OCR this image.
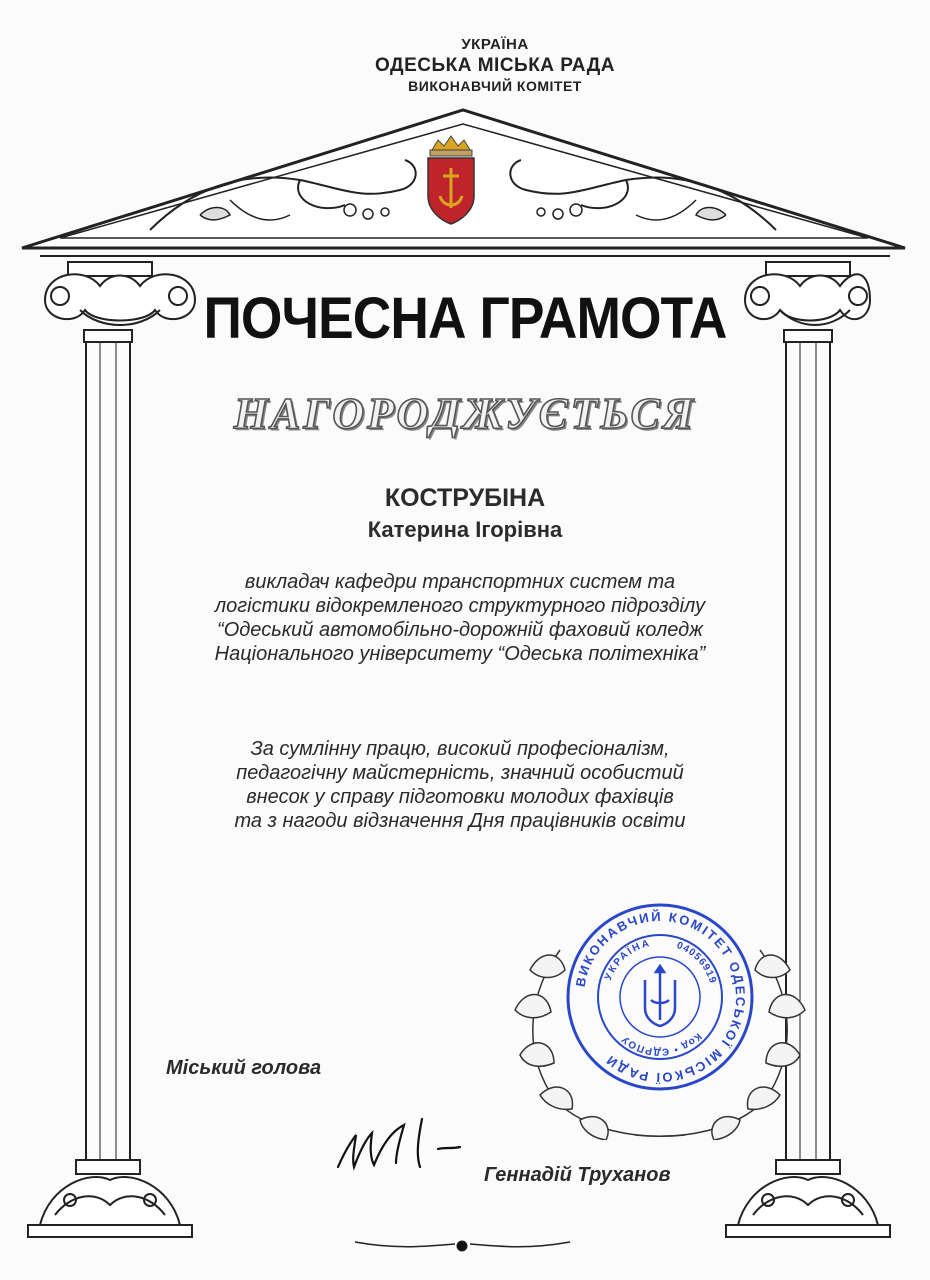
УКРАЇНА
ОДЕСЬКА МІСЬКА РАДА
ВИКОНАВЧИЙ КОМІТЕТ
ПОЧЕСНА ГРАМОТА
НАГОРОДЖУЄТЬСЯ
КОСТРУБІНА
Катерина Ігорівна
викладач кафедри транспортних систем та
логістики відокремленого структурного підрозділу
“Одеський автомобільно-дорожній фаховий коледж
Національного університету “Одеська політехніка”
За сумлінну працю, високий професіоналізм,
педагогічну майстерність, значний особистий
внесок у справу підготовки молодих фахівців
та з нагоди відзначення Дня працівників освіти
ВИКОНАВЧИЙ КОМІТЕТ ОДЕСЬКОЇ МІСЬКОЇ РАДИ
Код • ЄДРПОУ
04056919
УКРАЇНА
Міський голова
Геннадій Труханов
